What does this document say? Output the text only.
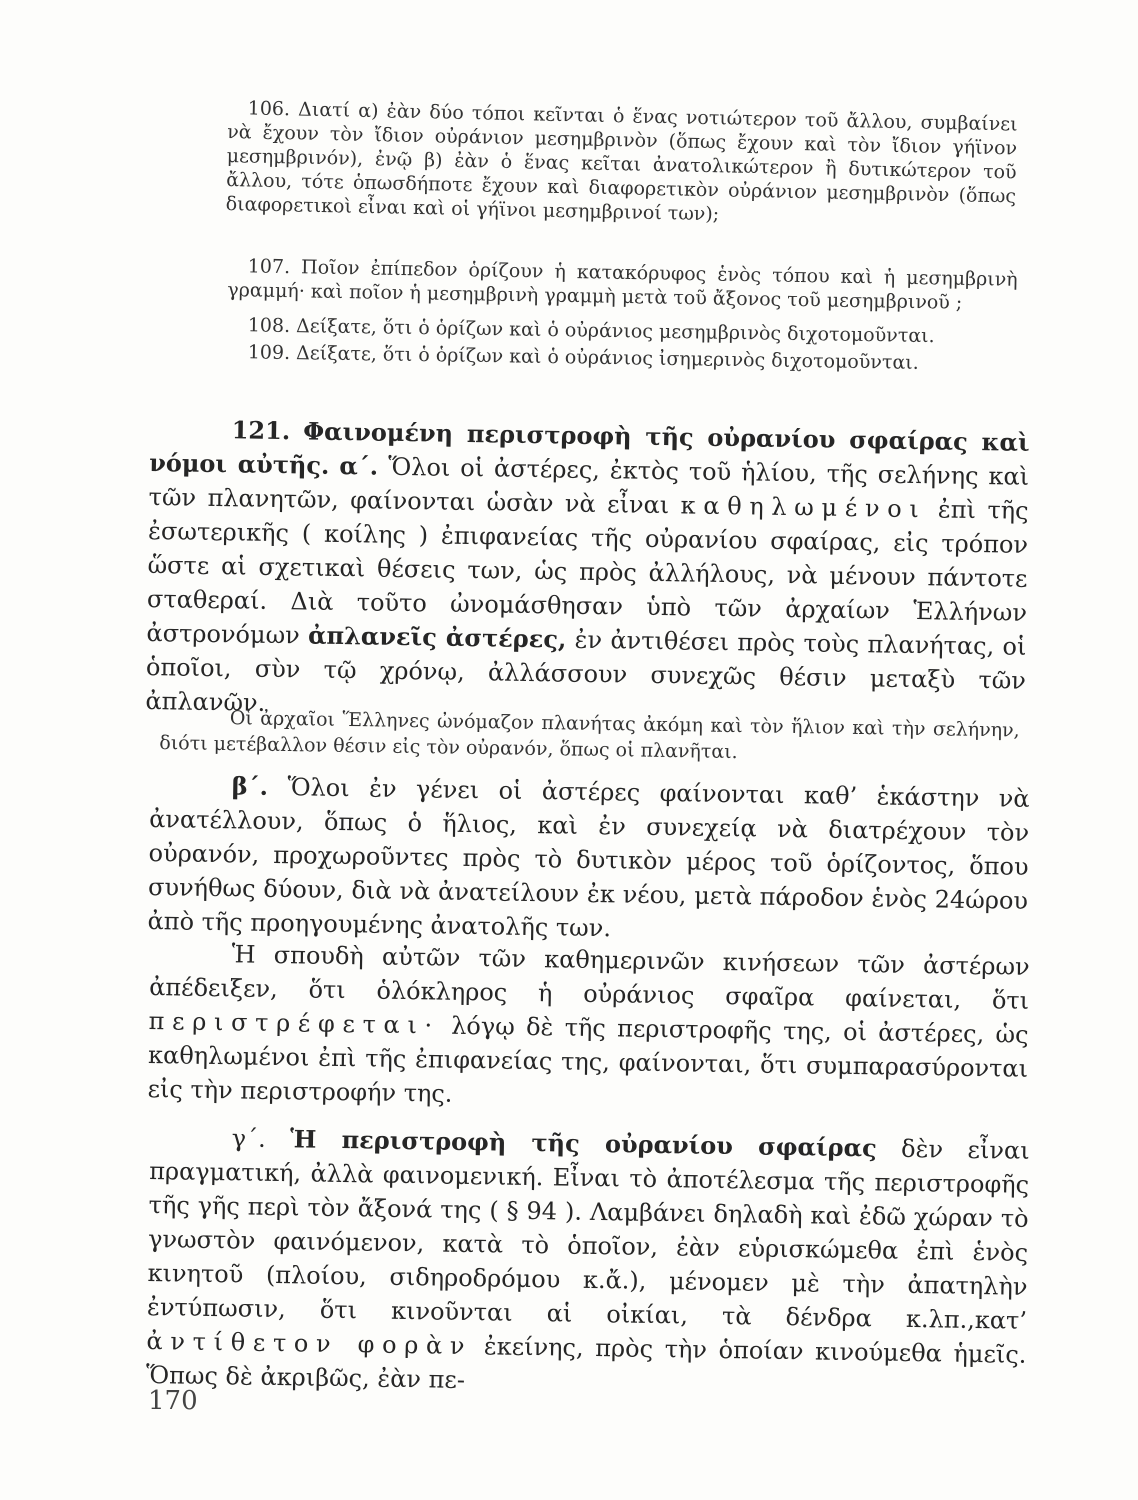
106. Διατί α) ἐὰν δύο τόποι κεῖνται ὁ ἕνας νοτιώτερον τοῦ ἄλλου, συμβαίνει νὰ ἔχουν τὸν ἴδιον οὐράνιον μεσημβρινὸν (ὅπως ἔχουν καὶ τὸν ἴδιον γήϊνον μεσημβρινόν), ἐνῷ β) ἐὰν ὁ ἕνας κεῖται ἀνατολικώτερον ἢ δυτικώτερον τοῦ ἄλλου, τότε ὁπωσδήποτε ἔχουν καὶ διαφορετικὸν οὐράνιον μεσημβρινὸν (ὅπως διαφορετικοὶ εἶναι καὶ οἱ γήϊνοι μεσημβρινοί των);
107. Ποῖον ἐπίπεδον ὁρίζουν ἡ κατακόρυφος ἑνὸς τόπου καὶ ἡ μεσημβρινὴ γραμμή· καὶ ποῖον ἡ μεσημβρινὴ γραμμὴ μετὰ τοῦ ἄξονος τοῦ μεσημβρινοῦ ;
108. Δείξατε, ὅτι ὁ ὁρίζων καὶ ὁ οὐράνιος μεσημβρινὸς διχοτομοῦνται.
109. Δείξατε, ὅτι ὁ ὁρίζων καὶ ὁ οὐράνιος ἰσημερινὸς διχοτομοῦνται.
121. Φαινομένη περιστροφὴ τῆς οὐρανίου σφαίρας καὶ νόμοι αὐτῆς. α΄. Ὅλοι οἱ ἀστέρες, ἐκτὸς τοῦ ἡλίου, τῆς σελήνης καὶ τῶν πλανητῶν, φαίνονται ὡσὰν νὰ εἶναι καθηλωμένοι ἐπὶ τῆς ἐσωτερικῆς ( κοίλης ) ἐπιφανείας τῆς οὐρανίου σφαίρας, εἰς τρόπον ὥστε αἱ σχετικαὶ θέσεις των, ὡς πρὸς ἀλλήλους, νὰ μένουν πάντοτε σταθεραί. Διὰ τοῦτο ὠνομάσθησαν ὑπὸ τῶν ἀρχαίων Ἑλλήνων ἀστρονόμων ἀπλανεῖς ἀστέρες, ἐν ἀντιθέσει πρὸς τοὺς πλανήτας, οἱ ὁποῖοι, σὺν τῷ χρόνῳ, ἀλλάσσουν συνεχῶς θέσιν μεταξὺ τῶν ἀπλανῶν.
Οἱ ἀρχαῖοι Ἕλληνες ὠνόμαζον πλανήτας ἀκόμη καὶ τὸν ἥλιον καὶ τὴν σελήνην, διότι μετέβαλλον θέσιν εἰς τὸν οὐρανόν, ὅπως οἱ πλανῆται.
β΄. Ὅλοι ἐν γένει οἱ ἀστέρες φαίνονται καθ’ ἑκάστην νὰ ἀνατέλλουν, ὅπως ὁ ἥλιος, καὶ ἐν συνεχείᾳ νὰ διατρέχουν τὸν οὐρανόν, προχωροῦντες πρὸς τὸ δυτικὸν μέρος τοῦ ὁρίζοντος, ὅπου συνήθως δύουν, διὰ νὰ ἀνατείλουν ἐκ νέου, μετὰ πάροδον ἑνὸς 24ώρου ἀπὸ τῆς προηγουμένης ἀνατολῆς των.
Ἡ σπουδὴ αὐτῶν τῶν καθημερινῶν κινήσεων τῶν ἀστέρων ἀπέδειξεν, ὅτι ὁλόκληρος ἡ οὐράνιος σφαῖρα φαίνεται, ὅτι περιστρέφεται· λόγῳ δὲ τῆς περιστροφῆς της, οἱ ἀστέρες, ὡς καθηλωμένοι ἐπὶ τῆς ἐπιφανείας της, φαίνονται, ὅτι συμπαρασύρονται εἰς τὴν περιστροφήν της.
γ΄. Ἡ περιστροφὴ τῆς οὐρανίου σφαίρας δὲν εἶναι πραγματική, ἀλλὰ φαινομενική. Εἶναι τὸ ἀποτέλεσμα τῆς περιστροφῆς τῆς γῆς περὶ τὸν ἄξονά της ( § 94 ). Λαμβάνει δηλαδὴ καὶ ἐδῶ χώραν τὸ γνωστὸν φαινόμενον, κατὰ τὸ ὁποῖον, ἐὰν εὑρισκώμεθα ἐπὶ ἑνὸς κινητοῦ (πλοίου, σιδηροδρόμου κ.ἄ.), μένομεν μὲ τὴν ἀπατηλὴν ἐντύπωσιν, ὅτι κινοῦνται αἱ οἰκίαι, τὰ δένδρα κ.λπ.,κατ’ ἀντίθετον φορὰν ἐκείνης, πρὸς τὴν ὁποίαν κινούμεθα ἡμεῖς. Ὅπως δὲ ἀκριβῶς, ἐὰν πε-
170
